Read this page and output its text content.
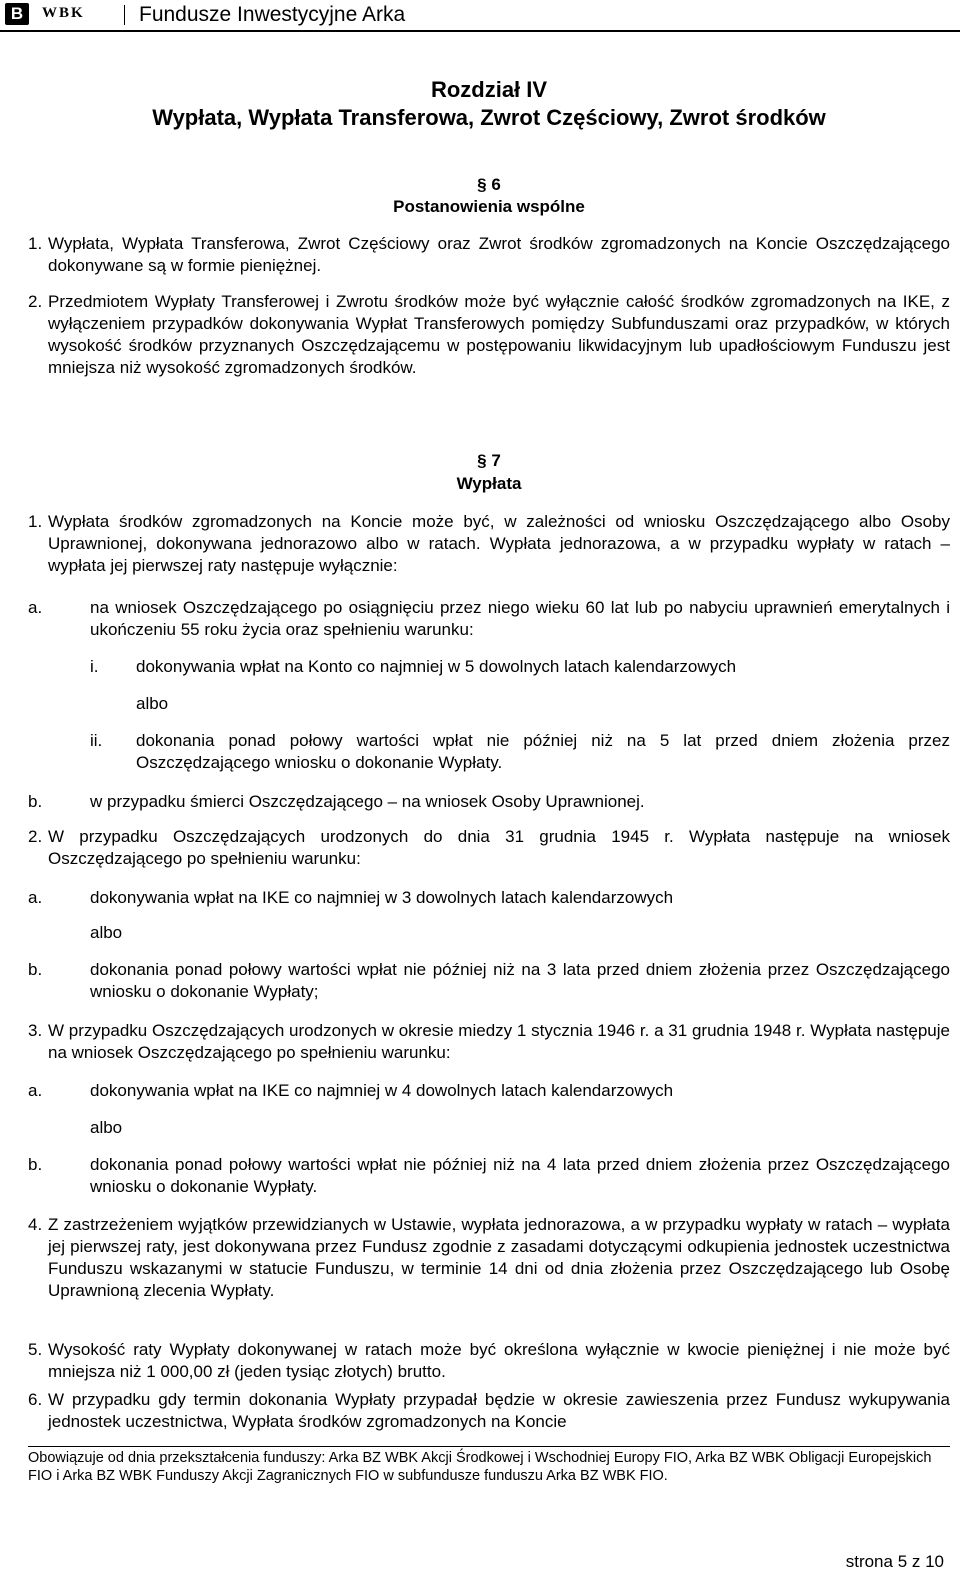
B	WBK	Fundusze Inwestycyjne Arka
Rozdział IV
Wypłata, Wypłata Transferowa, Zwrot Częściowy, Zwrot środków
§ 6
Postanowienia wspólne
1. Wypłata, Wypłata Transferowa, Zwrot Częściowy oraz Zwrot środków zgromadzonych na Koncie Oszczędzającego dokonywane są w formie pieniężnej.
2. Przedmiotem Wypłaty Transferowej i Zwrotu środków może być wyłącznie całość środków zgromadzonych na IKE, z wyłączeniem przypadków dokonywania Wypłat Transferowych pomiędzy Subfunduszami oraz przypadków, w których wysokość środków przyznanych Oszczędzającemu w postępowaniu likwidacyjnym lub upadłościowym Funduszu jest mniejsza niż wysokość zgromadzonych środków.
§ 7
Wypłata
1. Wypłata środków zgromadzonych na Koncie może być, w zależności od wniosku Oszczędzającego albo Osoby Uprawnionej, dokonywana jednorazowo albo w ratach. Wypłata jednorazowa, a w przypadku wypłaty w ratach – wypłata jej pierwszej raty następuje wyłącznie:
a.	na wniosek Oszczędzającego po osiągnięciu przez niego wieku 60 lat lub po nabyciu uprawnień emerytalnych i ukończeniu 55 roku życia oraz spełnieniu warunku:
i. dokonywania wpłat na Konto co najmniej w 5 dowolnych latach kalendarzowych
albo
ii. dokonania ponad połowy wartości wpłat nie później niż na 5 lat przed dniem złożenia przez Oszczędzającego wniosku o dokonanie Wypłaty.
b.	w przypadku śmierci Oszczędzającego – na wniosek Osoby Uprawnionej.
2. W przypadku Oszczędzających urodzonych do dnia 31 grudnia 1945 r. Wypłata następuje na wniosek Oszczędzającego po spełnieniu warunku:
a.	dokonywania wpłat na IKE co najmniej w 3 dowolnych latach kalendarzowych
albo
b.	dokonania ponad połowy wartości wpłat nie później niż na 3 lata przed dniem złożenia przez Oszczędzającego wniosku o dokonanie Wypłaty;
3. W przypadku Oszczędzających urodzonych w okresie miedzy 1 stycznia 1946 r. a 31 grudnia 1948 r. Wypłata następuje na wniosek Oszczędzającego po spełnieniu warunku:
a.	dokonywania wpłat na IKE co najmniej w 4 dowolnych latach kalendarzowych
albo
b.	dokonania ponad połowy wartości wpłat nie później niż na 4 lata przed dniem złożenia przez Oszczędzającego wniosku o dokonanie Wypłaty.
4. Z zastrzeżeniem wyjątków przewidzianych w Ustawie, wypłata jednorazowa, a w przypadku wypłaty w ratach – wypłata jej pierwszej raty, jest dokonywana przez Fundusz zgodnie z zasadami dotyczącymi odkupienia jednostek uczestnictwa Funduszu wskazanymi w statucie Funduszu, w terminie 14 dni od dnia złożenia przez Oszczędzającego lub Osobę Uprawnioną zlecenia Wypłaty.
5. Wysokość raty Wypłaty dokonywanej w ratach może być określona wyłącznie w kwocie pieniężnej i nie może być mniejsza niż 1 000,00 zł (jeden tysiąc złotych) brutto.
6. W przypadku gdy termin dokonania Wypłaty przypadał będzie w okresie zawieszenia przez Fundusz wykupywania jednostek uczestnictwa, Wypłata środków zgromadzonych na Koncie
Obowiązuje od dnia przekształcenia funduszy: Arka BZ WBK Akcji Środkowej i Wschodniej Europy FIO, Arka BZ WBK Obligacji Europejskich FIO i Arka BZ WBK Funduszy Akcji Zagranicznych FIO w subfundusze funduszu Arka BZ WBK FIO.
strona 5 z 10
